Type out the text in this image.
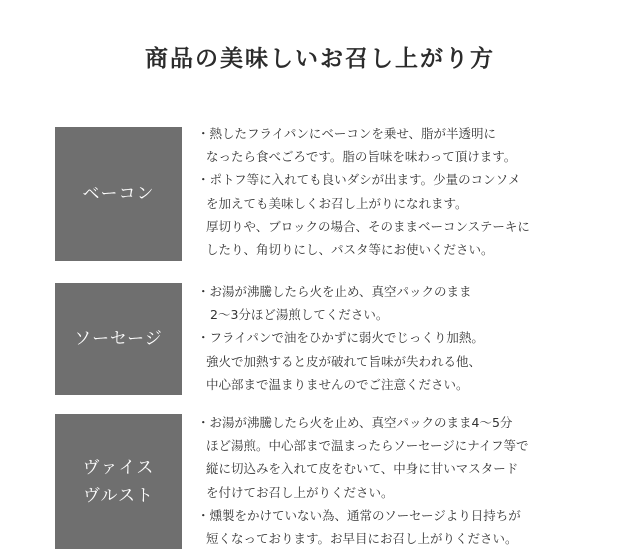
商品の美味しいお召し上がり方
ベーコン
・熱したフライパンにベーコンを乗せ、脂が半透明に
なったら食べごろです。脂の旨味を味わって頂けます。
・ポトフ等に入れても良いダシが出ます。少量のコンソメ
を加えても美味しくお召し上がりになれます。
厚切りや、ブロックの場合、そのままベーコンステーキに
したり、角切りにし、パスタ等にお使いください。
ソーセージ
・お湯が沸騰したら火を止め、真空パックのまま
2〜3分ほど湯煎してください。
・フライパンで油をひかずに弱火でじっくり加熱。
強火で加熱すると皮が破れて旨味が失われる他、
中心部まで温まりませんのでご注意ください。
ヴァイス
ヴルスト
・お湯が沸騰したら火を止め、真空パックのまま4〜5分
ほど湯煎。中心部まで温まったらソーセージにナイフ等で
縦に切込みを入れて皮をむいて、中身に甘いマスタード
を付けてお召し上がりください。
・燻製をかけていない為、通常のソーセージより日持ちが
短くなっております。お早目にお召し上がりください。
